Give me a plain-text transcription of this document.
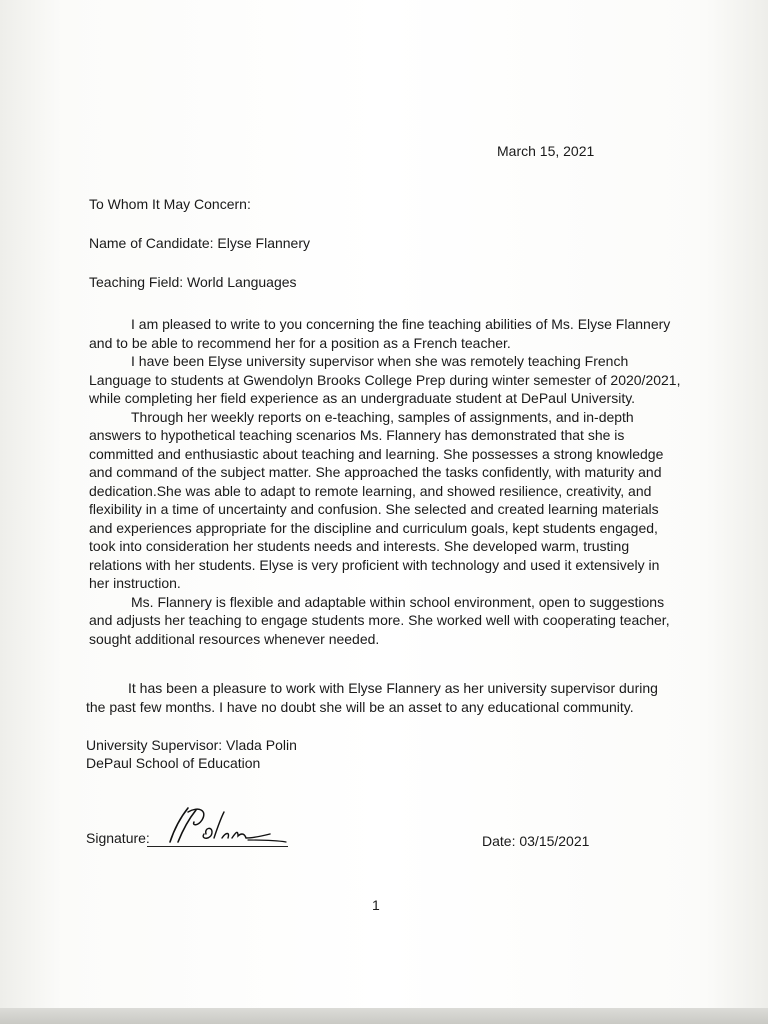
March 15, 2021
To Whom It May Concern:
Name of Candidate: Elyse Flannery
Teaching Field: World Languages
I am pleased to write to you concerning the fine teaching abilities of Ms. Elyse Flannery
and to be able to recommend her for a position as a French teacher.
I have been Elyse university supervisor when she was remotely teaching French
Language to students at Gwendolyn Brooks College Prep during winter semester of 2020/2021,
while completing her field experience as an undergraduate student at DePaul University.
Through her weekly reports on e-teaching, samples of assignments, and in-depth
answers to hypothetical teaching scenarios Ms. Flannery has demonstrated that she is
committed and enthusiastic about teaching and learning. She possesses a strong knowledge
and command of the subject matter. She approached the tasks confidently, with maturity and
dedication.She was able to adapt to remote learning, and showed resilience, creativity, and
flexibility in a time of uncertainty and confusion. She selected and created learning materials
and experiences appropriate for the discipline and curriculum goals, kept students engaged,
took into consideration her students needs and interests. She developed warm, trusting
relations with her students. Elyse is very proficient with technology and used it extensively in
her instruction.
Ms. Flannery is flexible and adaptable within school environment, open to suggestions
and adjusts her teaching to engage students more. She worked well with cooperating teacher,
sought additional resources whenever needed.
It has been a pleasure to work with Elyse Flannery as her university supervisor during
the past few months. I have no doubt she will be an asset to any educational community.
University Supervisor: Vlada Polin
DePaul School of Education
Signature:	Date: 03/15/2021
1
